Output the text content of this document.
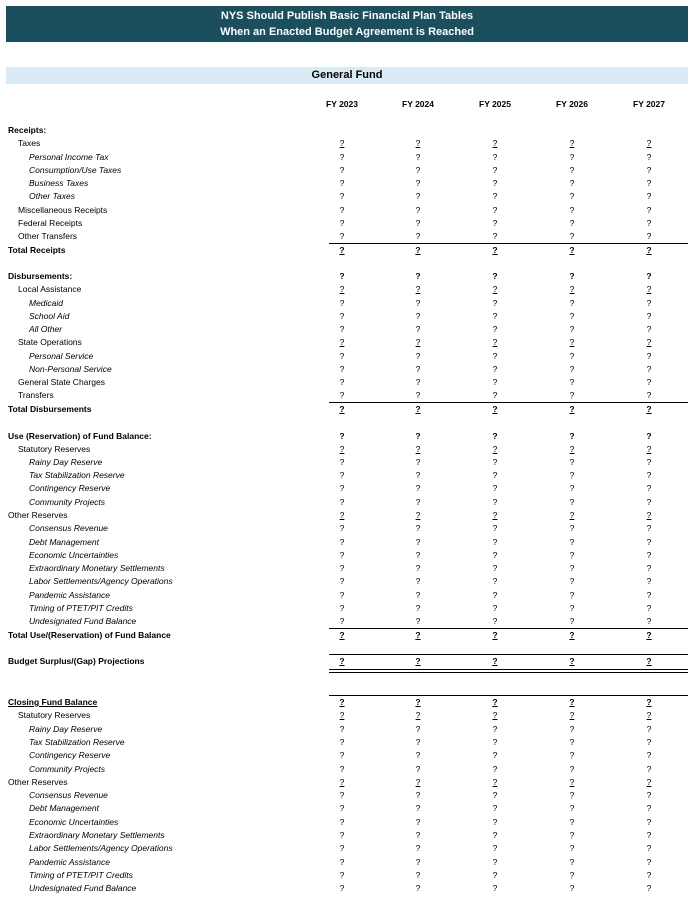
NYS Should Publish Basic Financial Plan Tables
When an Enacted Budget Agreement is Reached
General Fund
FY 2023	FY 2024	FY 2025	FY 2026	FY 2027
Receipts:
Taxes	?	?	?	?	?
Personal Income Tax	?	?	?	?	?
Consumption/Use Taxes	?	?	?	?	?
Business Taxes	?	?	?	?	?
Other Taxes	?	?	?	?	?
Miscellaneous Receipts	?	?	?	?	?
Federal Receipts	?	?	?	?	?
Other Transfers	?	?	?	?	?
Total Receipts	?	?	?	?	?
Disbursements:	?	?	?	?	?
Local Assistance	?	?	?	?	?
Medicaid	?	?	?	?	?
School Aid	?	?	?	?	?
All Other	?	?	?	?	?
State Operations	?	?	?	?	?
Personal Service	?	?	?	?	?
Non-Personal Service	?	?	?	?	?
General State Charges	?	?	?	?	?
Transfers	?	?	?	?	?
Total Disbursements	?	?	?	?	?
Use (Reservation) of Fund Balance:	?	?	?	?	?
Statutory Reserves	?	?	?	?	?
Rainy Day Reserve	?	?	?	?	?
Tax Stabilization Reserve	?	?	?	?	?
Contingency Reserve	?	?	?	?	?
Community Projects	?	?	?	?	?
Other Reserves	?	?	?	?	?
Consensus Revenue	?	?	?	?	?
Debt Management	?	?	?	?	?
Economic Uncertainties	?	?	?	?	?
Extraordinary Monetary Settlements	?	?	?	?	?
Labor Settlements/Agency Operations	?	?	?	?	?
Pandemic Assistance	?	?	?	?	?
Timing of PTET/PIT Credits	?	?	?	?	?
Undesignated Fund Balance	?	?	?	?	?
Total Use/(Reservation) of Fund Balance	?	?	?	?	?
Budget Surplus/(Gap) Projections	?	?	?	?	?
Closing Fund Balance	?	?	?	?	?
Statutory Reserves	?	?	?	?	?
Rainy Day Reserve	?	?	?	?	?
Tax Stabilization Reserve	?	?	?	?	?
Contingency Reserve	?	?	?	?	?
Community Projects	?	?	?	?	?
Other Reserves	?	?	?	?	?
Consensus Revenue	?	?	?	?	?
Debt Management	?	?	?	?	?
Economic Uncertainties	?	?	?	?	?
Extraordinary Monetary Settlements	?	?	?	?	?
Labor Settlements/Agency Operations	?	?	?	?	?
Pandemic Assistance	?	?	?	?	?
Timing of PTET/PIT Credits	?	?	?	?	?
Undesignated Fund Balance	?	?	?	?	?
